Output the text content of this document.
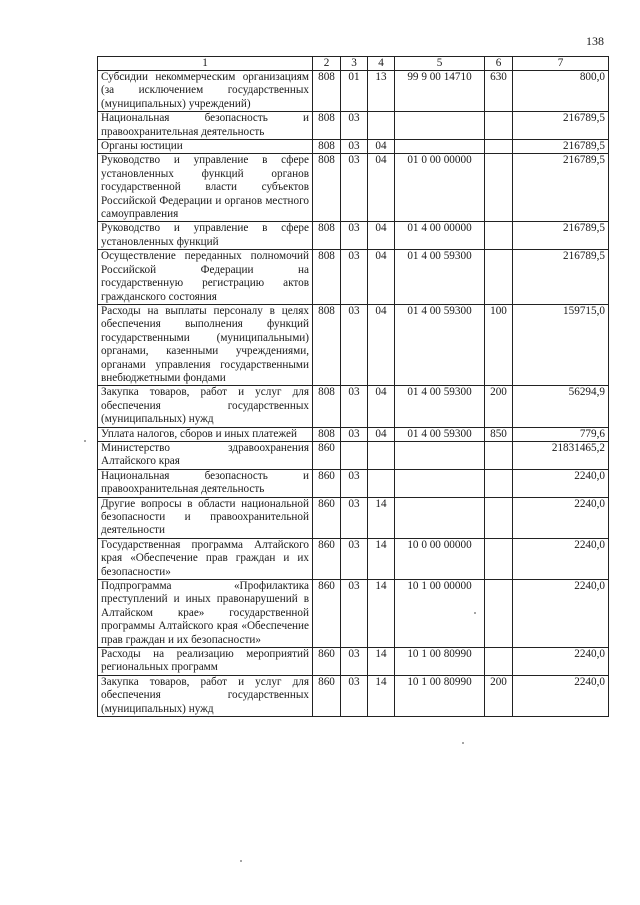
138
1	2	3	4	5	6	7
Субсидии некоммерческим организациям (за исключением государственных (муниципальных) учреждений)	808	01	13	99 9 00 14710	630	800,0
Национальная безопасность и правоохранительная деятельность	808	03				216789,5
Органы юстиции	808	03	04			216789,5
Руководство и управление в сфере установленных функций органов государственной власти субъектов Российской Федерации и органов местного самоуправления	808	03	04	01 0 00 00000		216789,5
Руководство и управление в сфере установленных функций	808	03	04	01 4 00 00000		216789,5
Осуществление переданных полномочий Российской Федерации на государственную регистрацию актов гражданского состояния	808	03	04	01 4 00 59300		216789,5
Расходы на выплаты персоналу в целях обеспечения выполнения функций государственными (муниципальными) органами, казенными учреждениями, органами управления государственными внебюджетными фондами	808	03	04	01 4 00 59300	100	159715,0
Закупка товаров, работ и услуг для обеспечения государственных (муниципальных) нужд	808	03	04	01 4 00 59300	200	56294,9
Уплата налогов, сборов и иных платежей	808	03	04	01 4 00 59300	850	779,6
Министерство здравоохранения Алтайского края	860					21831465,2
Национальная безопасность и правоохранительная деятельность	860	03				2240,0
Другие вопросы в области национальной безопасности и правоохранительной деятельности	860	03	14			2240,0
Государственная программа Алтайского края «Обеспечение прав граждан и их безопасности»	860	03	14	10 0 00 00000		2240,0
Подпрограмма «Профилактика преступлений и иных правонарушений в Алтайском крае» государственной программы Алтайского края «Обеспечение прав граждан и их безопасности»	860	03	14	10 1 00 00000		2240,0
Расходы на реализацию мероприятий региональных программ	860	03	14	10 1 00 80990		2240,0
Закупка товаров, работ и услуг для обеспечения государственных (муниципальных) нужд	860	03	14	10 1 00 80990	200	2240,0
